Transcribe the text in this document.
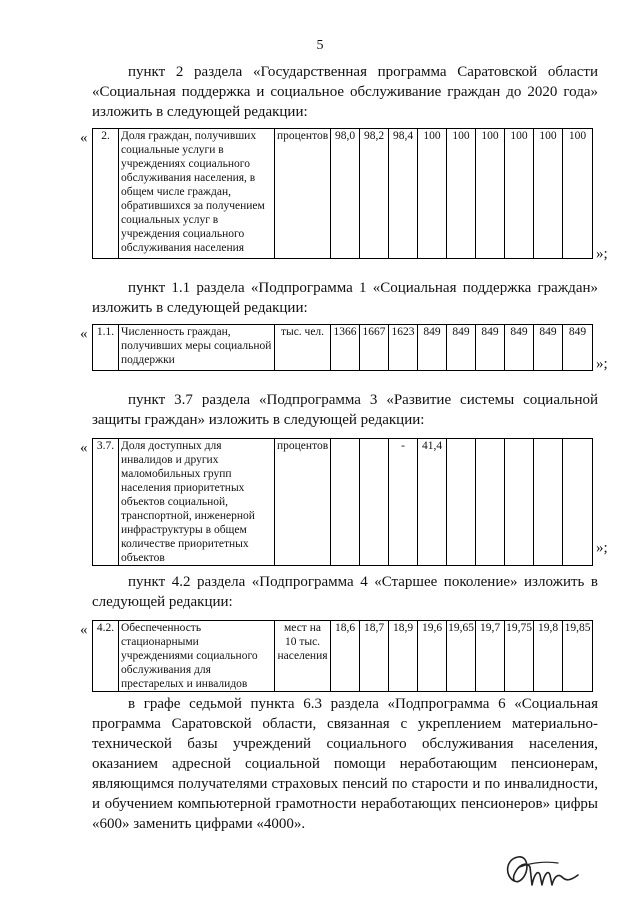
5

пункт 2 раздела «Государственная программа Саратовской области «Социальная поддержка и социальное обслуживание граждан до 2020 года» изложить в следующей редакции:

« 2.	Доля граждан, получивших социальные услуги в учреждениях социального обслуживания населения, в общем числе граждан, обратившихся за получением социальных услуг в учреждения социального обслуживания населения	процентов	98,0	98,2	98,4	100	100	100	100	100	100
»;

пункт 1.1 раздела «Подпрограмма 1 «Социальная поддержка граждан» изложить в следующей редакции:

« 1.1.	Численность граждан, получивших меры социальной поддержки	тыс. чел.	1366	1667	1623	849	849	849	849	849	849
»;

пункт 3.7 раздела «Подпрограмма 3 «Развитие системы социальной защиты граждан» изложить в следующей редакции:

« 3.7.	Доля доступных для инвалидов и других маломобильных групп населения приоритетных объектов социальной, транспортной, инженерной инфраструктуры в общем количестве приоритетных объектов	процентов			-	41,4					
»;

пункт 4.2 раздела «Подпрограмма 4 «Старшее поколение» изложить в следующей редакции:

« 4.2.	Обеспеченность стационарными учреждениями социального обслуживания для престарелых и инвалидов	мест на 10 тыс. населения	18,6	18,7	18,9	19,6	19,65	19,7	19,75	19,8	19,85

в графе седьмой пункта 6.3 раздела «Подпрограмма 6 «Социальная программа Саратовской области, связанная с укреплением материально-технической базы учреждений социального обслуживания населения, оказанием адресной социальной помощи неработающим пенсионерам, являющимся получателями страховых пенсий по старости и по инвалидности, и обучением компьютерной грамотности неработающих пенсионеров» цифры «600» заменить цифрами «4000».
